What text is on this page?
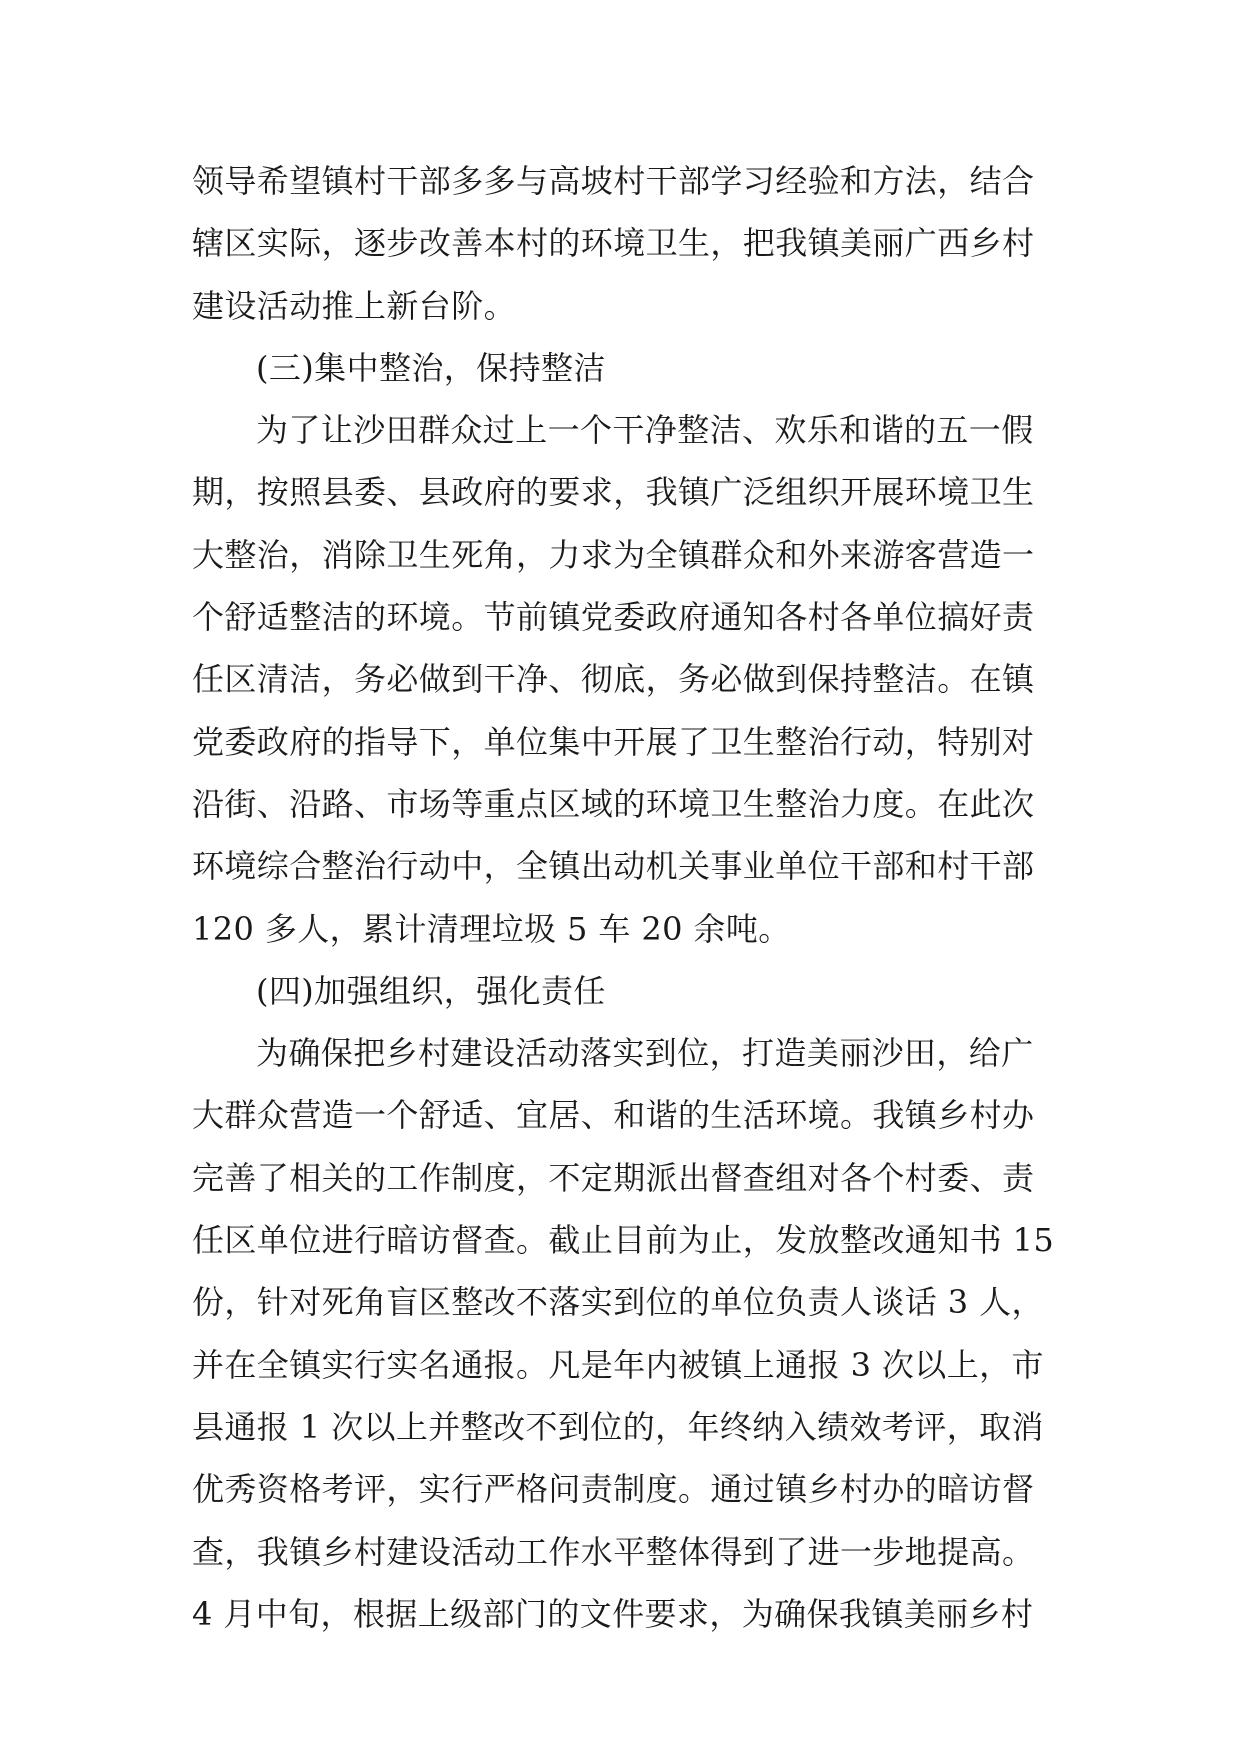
领导希望镇村干部多多与高坡村干部学习经验和方法，结合
辖区实际，逐步改善本村的环境卫生，把我镇美丽广西乡村
建设活动推上新台阶。
(三)集中整治，保持整洁
为了让沙田群众过上一个干净整洁、欢乐和谐的五一假
期，按照县委、县政府的要求，我镇广泛组织开展环境卫生
大整治，消除卫生死角，力求为全镇群众和外来游客营造一
个舒适整洁的环境。节前镇党委政府通知各村各单位搞好责
任区清洁，务必做到干净、彻底，务必做到保持整洁。在镇
党委政府的指导下，单位集中开展了卫生整治行动，特别对
沿街、沿路、市场等重点区域的环境卫生整治力度。在此次
环境综合整治行动中，全镇出动机关事业单位干部和村干部
120 多人，累计清理垃圾 5 车 20 余吨。
(四)加强组织，强化责任
为确保把乡村建设活动落实到位，打造美丽沙田，给广
大群众营造一个舒适、宜居、和谐的生活环境。我镇乡村办
完善了相关的工作制度，不定期派出督查组对各个村委、责
任区单位进行暗访督查。截止目前为止，发放整改通知书 15
份，针对死角盲区整改不落实到位的单位负责人谈话 3 人，
并在全镇实行实名通报。凡是年内被镇上通报 3 次以上，市
县通报 1 次以上并整改不到位的，年终纳入绩效考评，取消
优秀资格考评，实行严格问责制度。通过镇乡村办的暗访督
查，我镇乡村建设活动工作水平整体得到了进一步地提高。
4 月中旬，根据上级部门的文件要求，为确保我镇美丽乡村
